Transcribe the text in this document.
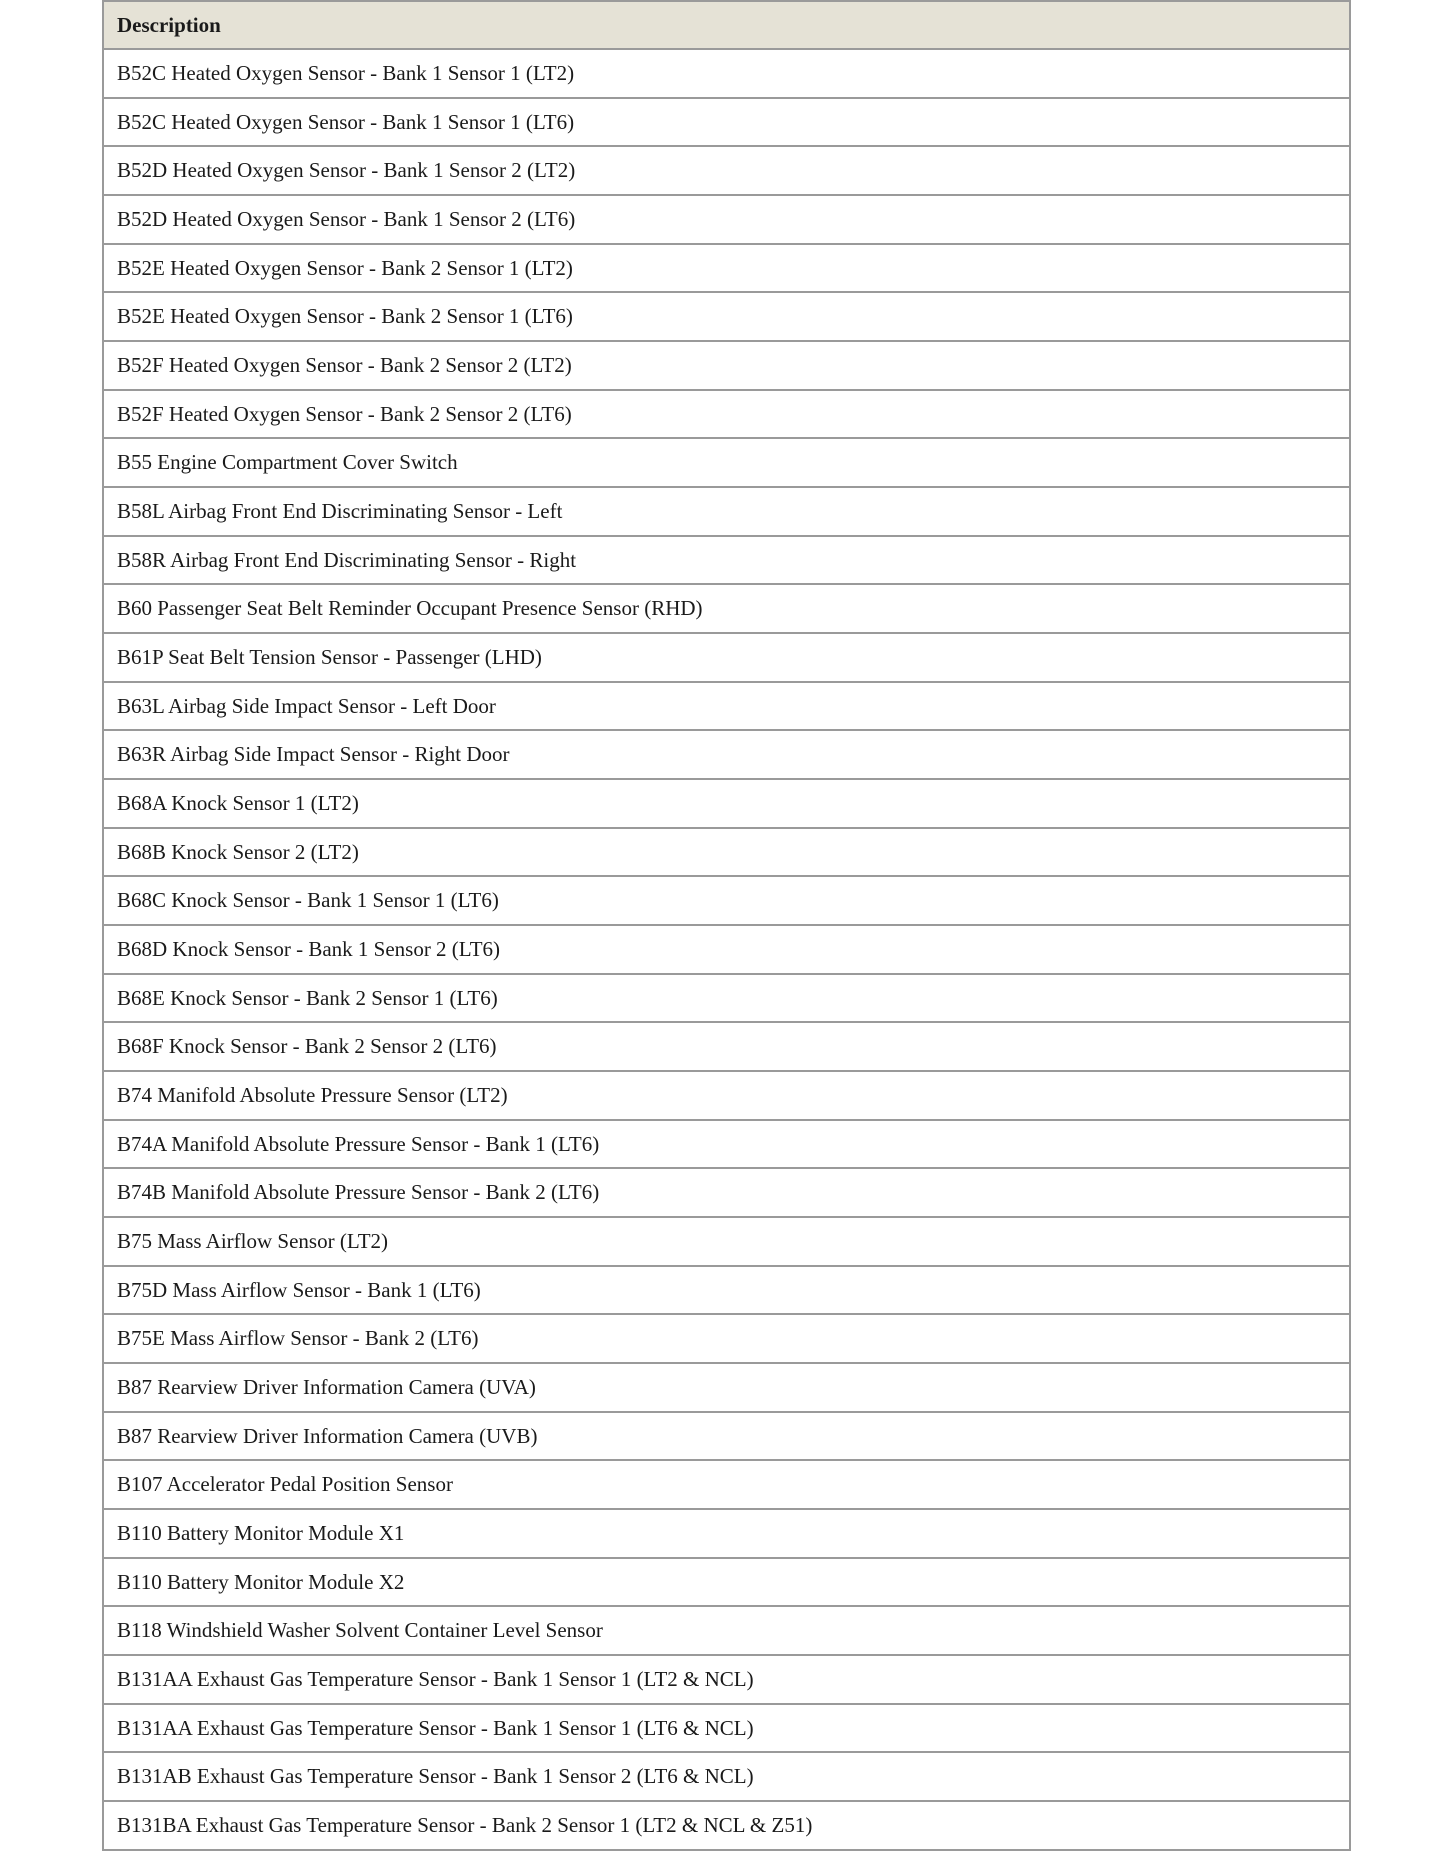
Description
B52C Heated Oxygen Sensor - Bank 1 Sensor 1 (LT2)
B52C Heated Oxygen Sensor - Bank 1 Sensor 1 (LT6)
B52D Heated Oxygen Sensor - Bank 1 Sensor 2 (LT2)
B52D Heated Oxygen Sensor - Bank 1 Sensor 2 (LT6)
B52E Heated Oxygen Sensor - Bank 2 Sensor 1 (LT2)
B52E Heated Oxygen Sensor - Bank 2 Sensor 1 (LT6)
B52F Heated Oxygen Sensor - Bank 2 Sensor 2 (LT2)
B52F Heated Oxygen Sensor - Bank 2 Sensor 2 (LT6)
B55 Engine Compartment Cover Switch
B58L Airbag Front End Discriminating Sensor - Left
B58R Airbag Front End Discriminating Sensor - Right
B60 Passenger Seat Belt Reminder Occupant Presence Sensor (RHD)
B61P Seat Belt Tension Sensor - Passenger (LHD)
B63L Airbag Side Impact Sensor - Left Door
B63R Airbag Side Impact Sensor - Right Door
B68A Knock Sensor 1 (LT2)
B68B Knock Sensor 2 (LT2)
B68C Knock Sensor - Bank 1 Sensor 1 (LT6)
B68D Knock Sensor - Bank 1 Sensor 2 (LT6)
B68E Knock Sensor - Bank 2 Sensor 1 (LT6)
B68F Knock Sensor - Bank 2 Sensor 2 (LT6)
B74 Manifold Absolute Pressure Sensor (LT2)
B74A Manifold Absolute Pressure Sensor - Bank 1 (LT6)
B74B Manifold Absolute Pressure Sensor - Bank 2 (LT6)
B75 Mass Airflow Sensor (LT2)
B75D Mass Airflow Sensor - Bank 1 (LT6)
B75E Mass Airflow Sensor - Bank 2 (LT6)
B87 Rearview Driver Information Camera (UVA)
B87 Rearview Driver Information Camera (UVB)
B107 Accelerator Pedal Position Sensor
B110 Battery Monitor Module X1
B110 Battery Monitor Module X2
B118 Windshield Washer Solvent Container Level Sensor
B131AA Exhaust Gas Temperature Sensor - Bank 1 Sensor 1 (LT2 & NCL)
B131AA Exhaust Gas Temperature Sensor - Bank 1 Sensor 1 (LT6 & NCL)
B131AB Exhaust Gas Temperature Sensor - Bank 1 Sensor 2 (LT6 & NCL)
B131BA Exhaust Gas Temperature Sensor - Bank 2 Sensor 1 (LT2 & NCL & Z51)
